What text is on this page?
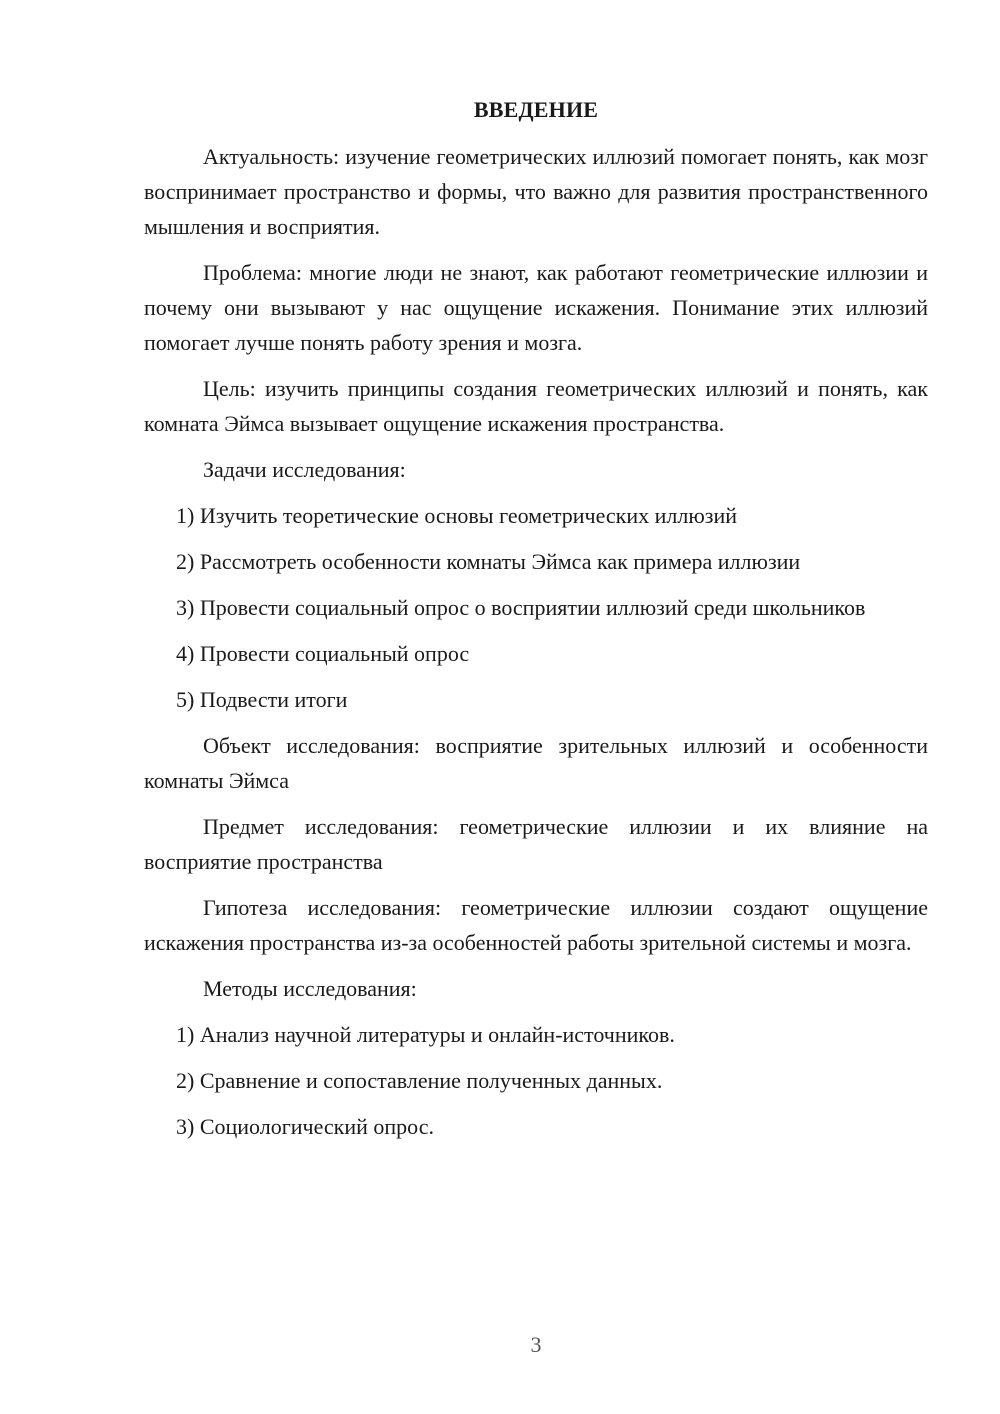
ВВЕДЕНИЕ

Актуальность: изучение геометрических иллюзий помогает понять, как мозг воспринимает пространство и формы, что важно для развития пространственного мышления и восприятия.

Проблема: многие люди не знают, как работают геометрические иллюзии и почему они вызывают у нас ощущение искажения. Понимание этих иллюзий помогает лучше понять работу зрения и мозга.

Цель: изучить принципы создания геометрических иллюзий и понять, как комната Эймса вызывает ощущение искажения пространства.

Задачи исследования:

1) Изучить теоретические основы геометрических иллюзий

2) Рассмотреть особенности комнаты Эймса как примера иллюзии

3) Провести социальный опрос о восприятии иллюзий среди школьников

4) Провести социальный опрос

5) Подвести итоги

Объект исследования: восприятие зрительных иллюзий и особенности комнаты Эймса

Предмет исследования: геометрические иллюзии и их влияние на восприятие пространства

Гипотеза исследования: геометрические иллюзии создают ощущение искажения пространства из-за особенностей работы зрительной системы и мозга.

Методы исследования:

1) Анализ научной литературы и онлайн-источников.

2) Сравнение и сопоставление полученных данных.

3) Социологический опрос.

3
